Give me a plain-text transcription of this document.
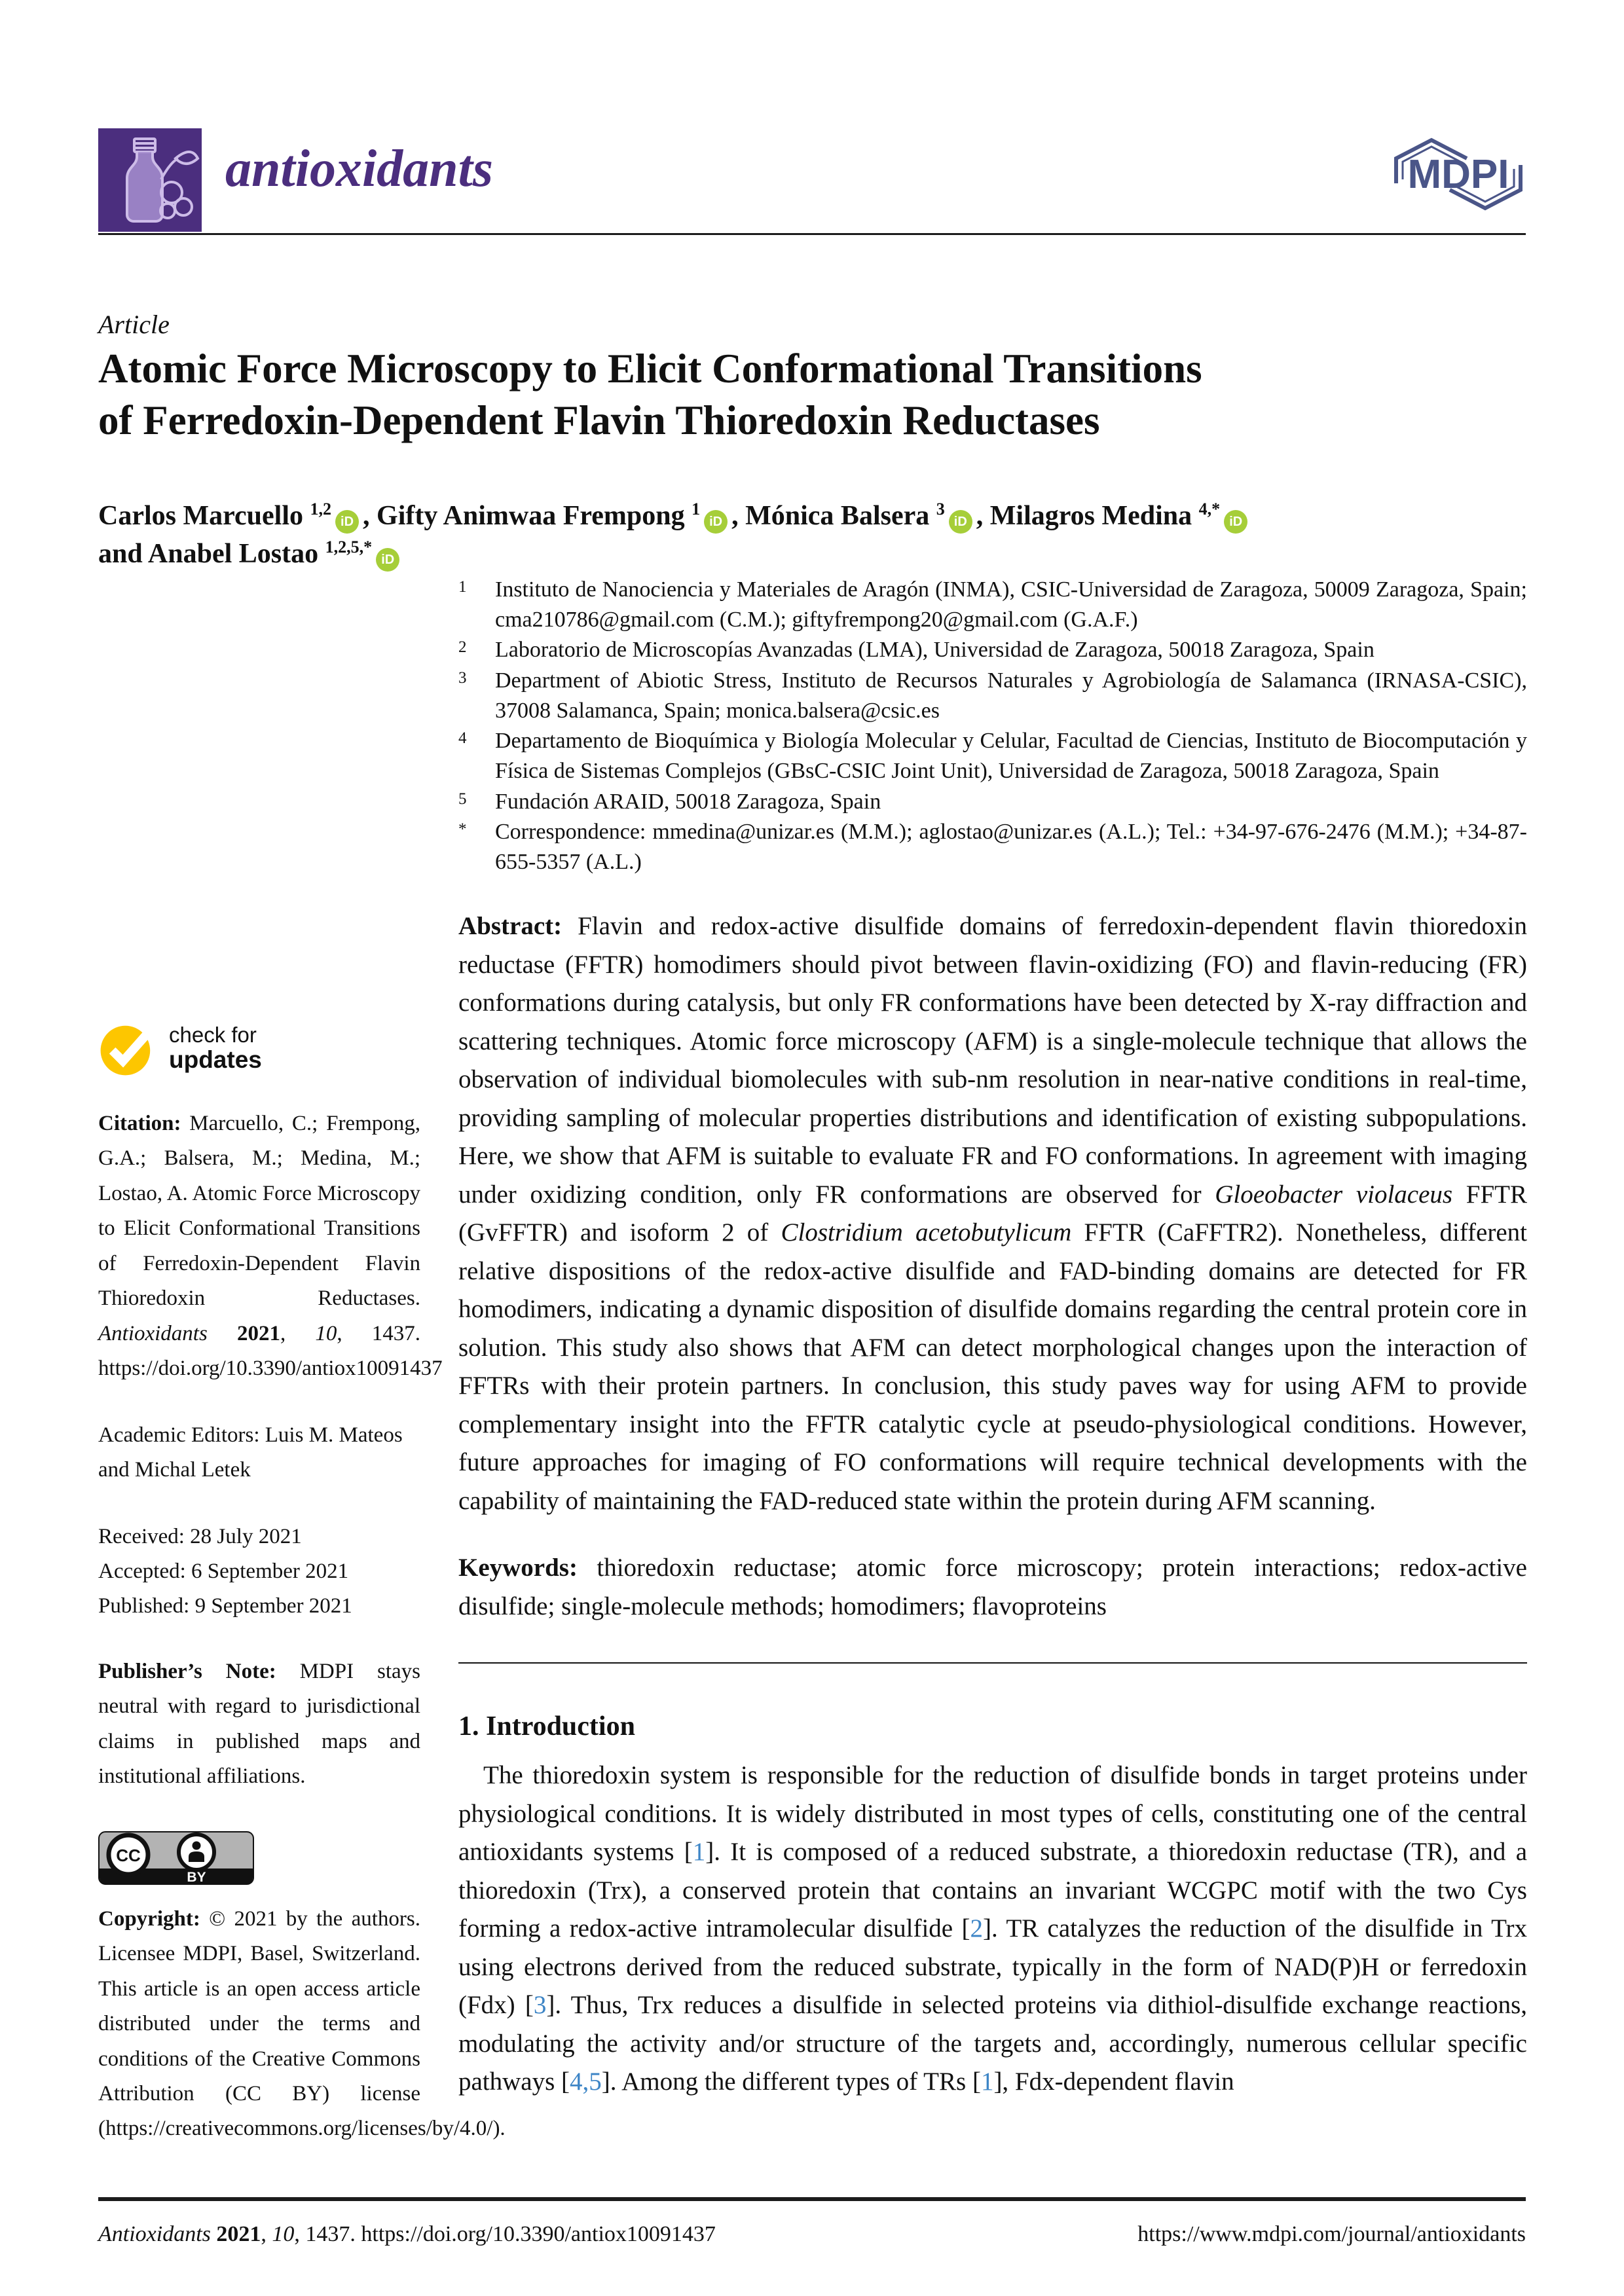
antioxidants	MDPI
Article
Atomic Force Microscopy to Elicit Conformational Transitions
of Ferredoxin-Dependent Flavin Thioredoxin Reductases
Carlos Marcuello $^{1,2}$iD , Gifty Animwaa Frempong $^1$iD , Mónica Balsera $^3$iD , Milagros Medina $^{4,*}$iD
and Anabel Lostao $^{1,2,5,*}$iD
check for
updates
Citation: Marcuello, C.; Frempong, G.A.; Balsera, M.; Medina, M.; Lostao, A. Atomic Force Microscopy to Elicit Conformational Transitions of Ferredoxin-Dependent Flavin Thioredoxin Reductases. Antioxidants 2021, 10, 1437. https://doi.org/10.3390/antiox10091437
Academic Editors: Luis M. Mateos and Michal Letek
Received: 28 July 2021
Accepted: 6 September 2021
Published: 9 September 2021
Publisher’s Note: MDPI stays neutral with regard to jurisdictional claims in published maps and institutional affiliations.
CC
BY
Copyright: © 2021 by the authors. Licensee MDPI, Basel, Switzerland. This article is an open access article distributed under the terms and conditions of the Creative Commons Attribution (CC BY) license (https://creativecommons.org/licenses/by/4.0/).
1	Instituto de Nanociencia y Materiales de Aragón (INMA), CSIC-Universidad de Zaragoza, 50009 Zaragoza, Spain; cma210786@gmail.com (C.M.); giftyfrempong20@gmail.com (G.A.F.)
2	Laboratorio de Microscopías Avanzadas (LMA), Universidad de Zaragoza, 50018 Zaragoza, Spain
3	Department of Abiotic Stress, Instituto de Recursos Naturales y Agrobiología de Salamanca (IRNASA-CSIC), 37008 Salamanca, Spain; monica.balsera@csic.es
4	Departamento de Bioquímica y Biología Molecular y Celular, Facultad de Ciencias, Instituto de Biocomputación y Física de Sistemas Complejos (GBsC-CSIC Joint Unit), Universidad de Zaragoza, 50018 Zaragoza, Spain
5	Fundación ARAID, 50018 Zaragoza, Spain
*	Correspondence: mmedina@unizar.es (M.M.); aglostao@unizar.es (A.L.); Tel.: +34-97-676-2476 (M.M.); +34-87-655-5357 (A.L.)

Abstract: Flavin and redox-active disulfide domains of ferredoxin-dependent flavin thioredoxin reductase (FFTR) homodimers should pivot between flavin-oxidizing (FO) and flavin-reducing (FR) conformations during catalysis, but only FR conformations have been detected by X-ray diffraction and scattering techniques. Atomic force microscopy (AFM) is a single-molecule technique that allows the observation of individual biomolecules with sub-nm resolution in near-native conditions in real-time, providing sampling of molecular properties distributions and identification of existing subpopulations. Here, we show that AFM is suitable to evaluate FR and FO conformations. In agreement with imaging under oxidizing condition, only FR conformations are observed for Gloeobacter violaceus FFTR (GvFFTR) and isoform 2 of Clostridium acetobutylicum FFTR (CaFFTR2). Nonetheless, different relative dispositions of the redox-active disulfide and FAD-binding domains are detected for FR homodimers, indicating a dynamic disposition of disulfide domains regarding the central protein core in solution. This study also shows that AFM can detect morphological changes upon the interaction of FFTRs with their protein partners. In conclusion, this study paves way for using AFM to provide complementary insight into the FFTR catalytic cycle at pseudo-physiological conditions. However, future approaches for imaging of FO conformations will require technical developments with the capability of maintaining the FAD-reduced state within the protein during AFM scanning.

Keywords: thioredoxin reductase; atomic force microscopy; protein interactions; redox-active disulfide; single-molecule methods; homodimers; flavoproteins

1. Introduction

The thioredoxin system is responsible for the reduction of disulfide bonds in target proteins under physiological conditions. It is widely distributed in most types of cells, constituting one of the central antioxidants systems [1]. It is composed of a reduced substrate, a thioredoxin reductase (TR), and a thioredoxin (Trx), a conserved protein that contains an invariant WCGPC motif with the two Cys forming a redox-active intramolecular disulfide [2]. TR catalyzes the reduction of the disulfide in Trx using electrons derived from the reduced substrate, typically in the form of NAD(P)H or ferredoxin (Fdx) [3]. Thus, Trx reduces a disulfide in selected proteins via dithiol-disulfide exchange reactions, modulating the activity and/or structure of the targets and, accordingly, numerous cellular specific pathways [4,5]. Among the different types of TRs [1], Fdx-dependent flavin

Antioxidants 2021, 10, 1437. https://doi.org/10.3390/antiox10091437	https://www.mdpi.com/journal/antioxidants
